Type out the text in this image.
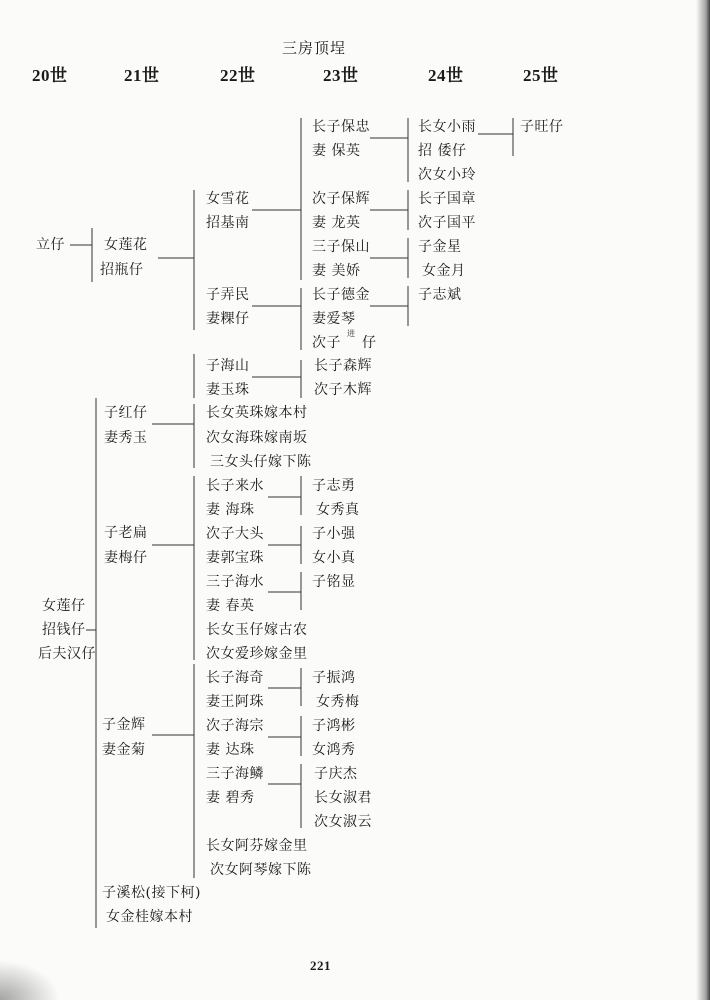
三房顶埕
20世	21世	22世	23世	24世	25世
立仔
女莲仔
招钱仔
后夫汉仔
女莲花
招瓶仔
子红仔
妻秀玉
子老扁
妻梅仔
子金辉
妻金菊
子溪松(接下柯)
女金桂嫁本村
女雪花
招基南
子弄民
妻粿仔
子海山
妻玉珠
长女英珠嫁本村
次女海珠嫁南坂
三女头仔嫁下陈
长子来水
妻 海珠
次子大头
妻郭宝珠
三子海水
妻 春英
长女玉仔嫁古农
次女爱珍嫁金里
长子海奇
妻王阿珠
次子海宗
妻 达珠
三子海鳞
妻 碧秀
长女阿芬嫁金里
次女阿琴嫁下陈
长子保忠
妻 保英
次子保辉
妻 龙英
三子保山
妻 美娇
长子德金
妻爱琴
次子
进
仔
长子森辉
次子木辉
子志勇
女秀真
子小强
女小真
子铭显
子振鸿
女秀梅
子鸿彬
女鸿秀
子庆杰
长女淑君
次女淑云
长女小雨
招 倭仔
次女小玲
长子国章
次子国平
子金星
女金月
子志斌
子旺仔
221
